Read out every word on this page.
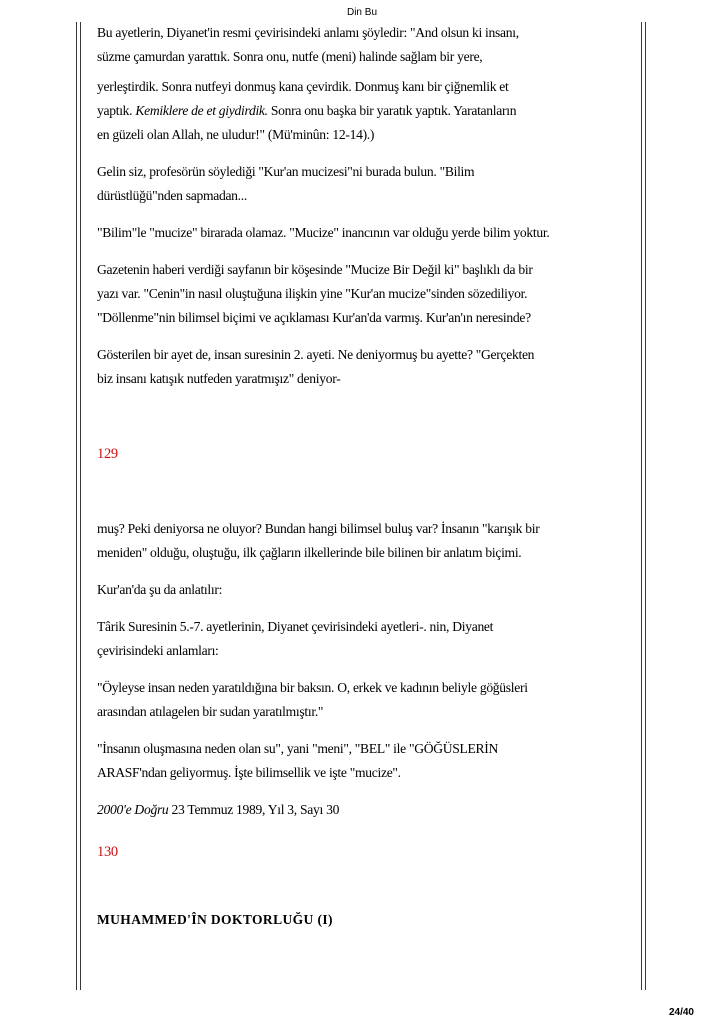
Din Bu

Bu ayetlerin, Diyanet'in resmi çevirisindeki anlamı şöyledir: "And olsun ki insanı,
süzme çamurdan yarattık. Sonra onu, nutfe (meni) halinde sağlam bir yere,

yerleştirdik. Sonra nutfeyi donmuş kana çevirdik. Donmuş kanı bir çiğnemlik et
yaptık. Kemiklere de et giydirdik. Sonra onu başka bir yaratık yaptık. Yaratanların
en güzeli olan Allah, ne uludur!" (Mü'minûn: 12-14).)

Gelin siz, profesörün söylediği "Kur'an mucizesi"ni burada bulun. "Bilim
dürüstlüğü"nden sapmadan...

"Bilim"le "mucize" birarada olamaz. "Mucize" inancının var olduğu yerde bilim yoktur.

Gazetenin haberi verdiği sayfanın bir köşesinde "Mucize Bir Değil ki" başlıklı da bir
yazı var. "Cenin"in nasıl oluştuğuna ilişkin yine "Kur'an mucize"sinden sözediliyor.
"Döllenme"nin bilimsel biçimi ve açıklaması Kur'an'da varmış. Kur'an'ın neresinde?

Gösterilen bir ayet de, insan suresinin 2. ayeti. Ne deniyormuş bu ayette? "Gerçekten
biz insanı katışık nutfeden yaratmışız" deniyor-

129

muş? Peki deniyorsa ne oluyor? Bundan hangi bilimsel buluş var? İnsanın "karışık bir
meniden" olduğu, oluştuğu, ilk çağların ilkellerinde bile bilinen bir anlatım biçimi.

Kur'an'da şu da anlatılır:

Târik Suresinin 5.-7. ayetlerinin, Diyanet çevirisindeki ayetleri-. nin, Diyanet
çevirisindeki anlamları:

"Öyleyse insan neden yaratıldığına bir baksın. O, erkek ve kadının beliyle göğüsleri
arasından atılagelen bir sudan yaratılmıştır."

"İnsanın oluşmasına neden olan su", yani "meni", "BEL" ile "GÖĞÜSLERİN
ARASF'ndan geliyormuş. İşte bilimsellik ve işte "mucize".

2000'e Doğru 23 Temmuz 1989, Yıl 3, Sayı 30

130

MUHAMMED'ÎN DOKTORLUĞU (I)

24/40
